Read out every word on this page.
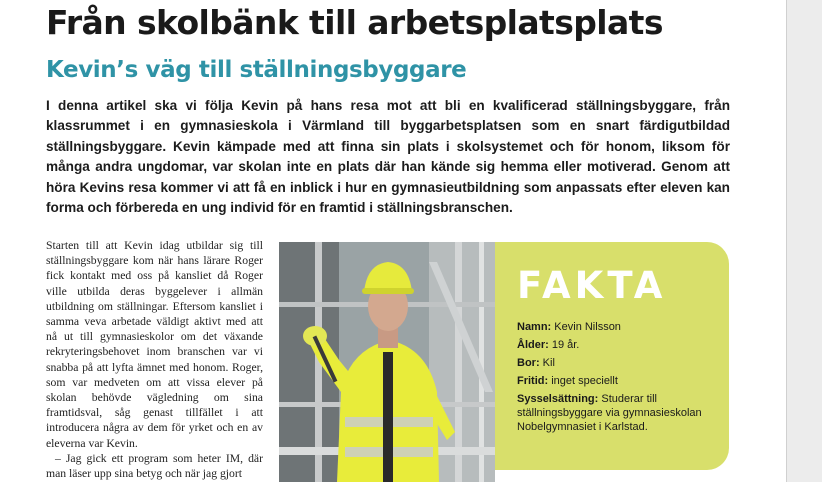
Från skolbänk till arbetsplatsplats
Kevin’s väg till ställningsbyggare

I denna artikel ska vi följa Kevin på hans resa mot att bli en kvalificerad ställningsbyggare, från klassrummet i en gymnasieskola i Värmland till byggarbetsplatsen som en snart färdigutbildad ställningsbyggare. Kevin kämpade med att finna sin plats i skolsystemet och för honom, liksom för många andra ungdomar, var skolan inte en plats där han kände sig hemma eller motiverad. Genom att höra Kevins resa kommer vi att få en inblick i hur en gymnasieutbildning som anpassats efter eleven kan forma och förbereda en ung individ för en framtid i ställningsbranschen.

Starten till att Kevin idag utbildar sig till ställningsbyggare kom när hans lärare Roger fick kontakt med oss på kansliet då Roger ville utbilda deras byggelever i allmän utbildning om ställningar. Eftersom kansliet i samma veva arbetade väldigt aktivt med att nå ut till gymnasieskolor om det växande rekryteringsbehovet inom branschen var vi snabba på att lyfta ämnet med honom. Roger, som var medveten om att vissa elever på skolan behövde vägledning om sina framtidsval, såg genast tillfället i att introducera några av dem för yrket och en av eleverna var Kevin.

– Jag gick ett program som heter IM, där man läser upp sina betyg och när jag gjort

FAKTA
Namn: Kevin Nilsson
Ålder: 19 år.
Bor: Kil
Fritid: inget speciellt
Sysselsättning: Studerar till ställningsbyggare via gymnasieskolan Nobelgymnasiet i Karlstad.
